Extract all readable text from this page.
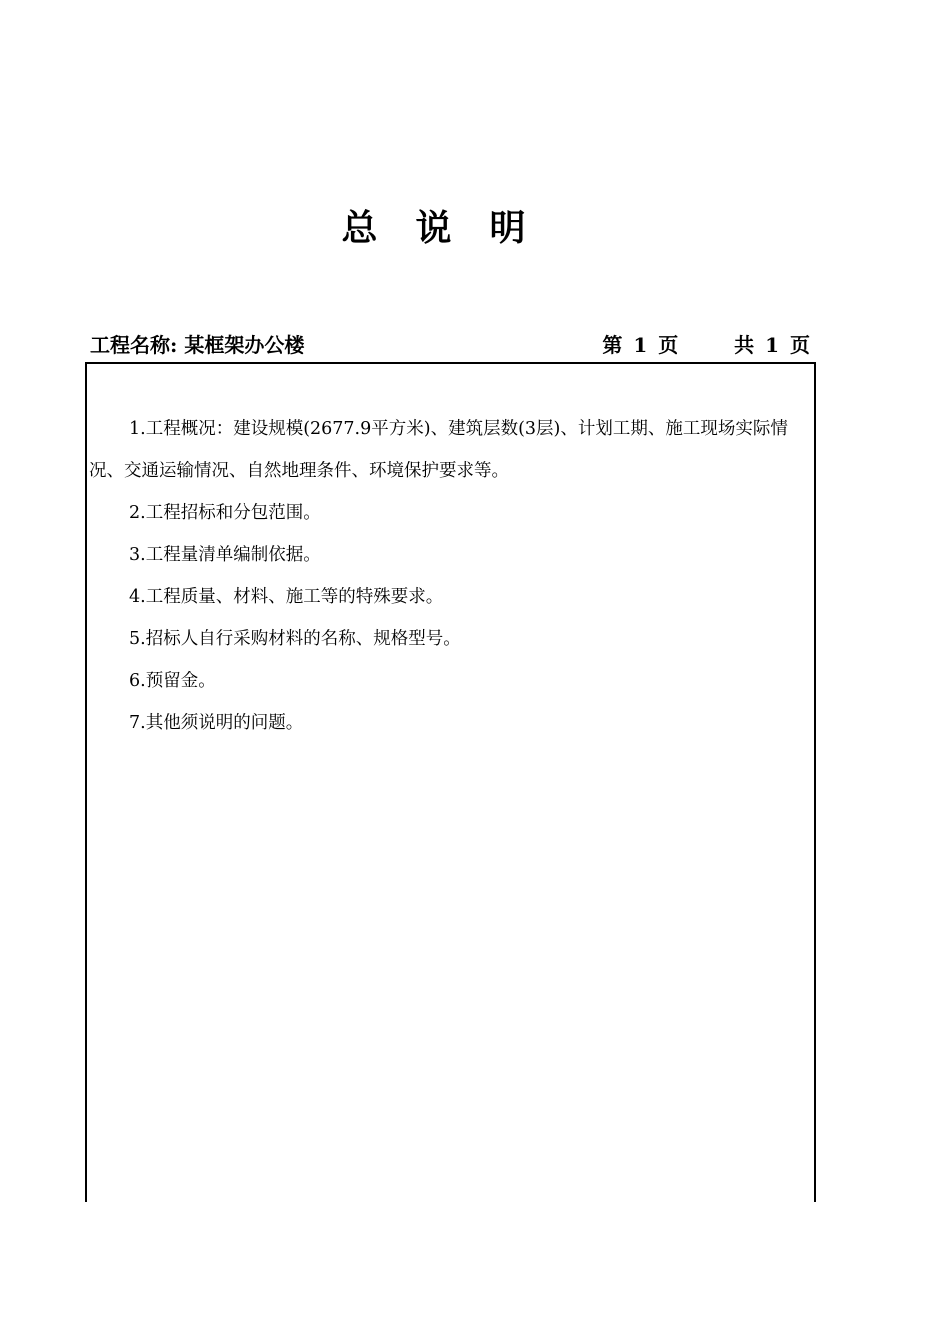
总说明
工程名称: 某框架办公楼	第 1 页	共 1 页

1.工程概况：建设规模(2677.9平方米)、建筑层数(3层)、计划工期、施工现场实际情况、交通运输情况、自然地理条件、环境保护要求等。

2.工程招标和分包范围。

3.工程量清单编制依据。

4.工程质量、材料、施工等的特殊要求。

5.招标人自行采购材料的名称、规格型号。

6.预留金。

7.其他须说明的问题。
